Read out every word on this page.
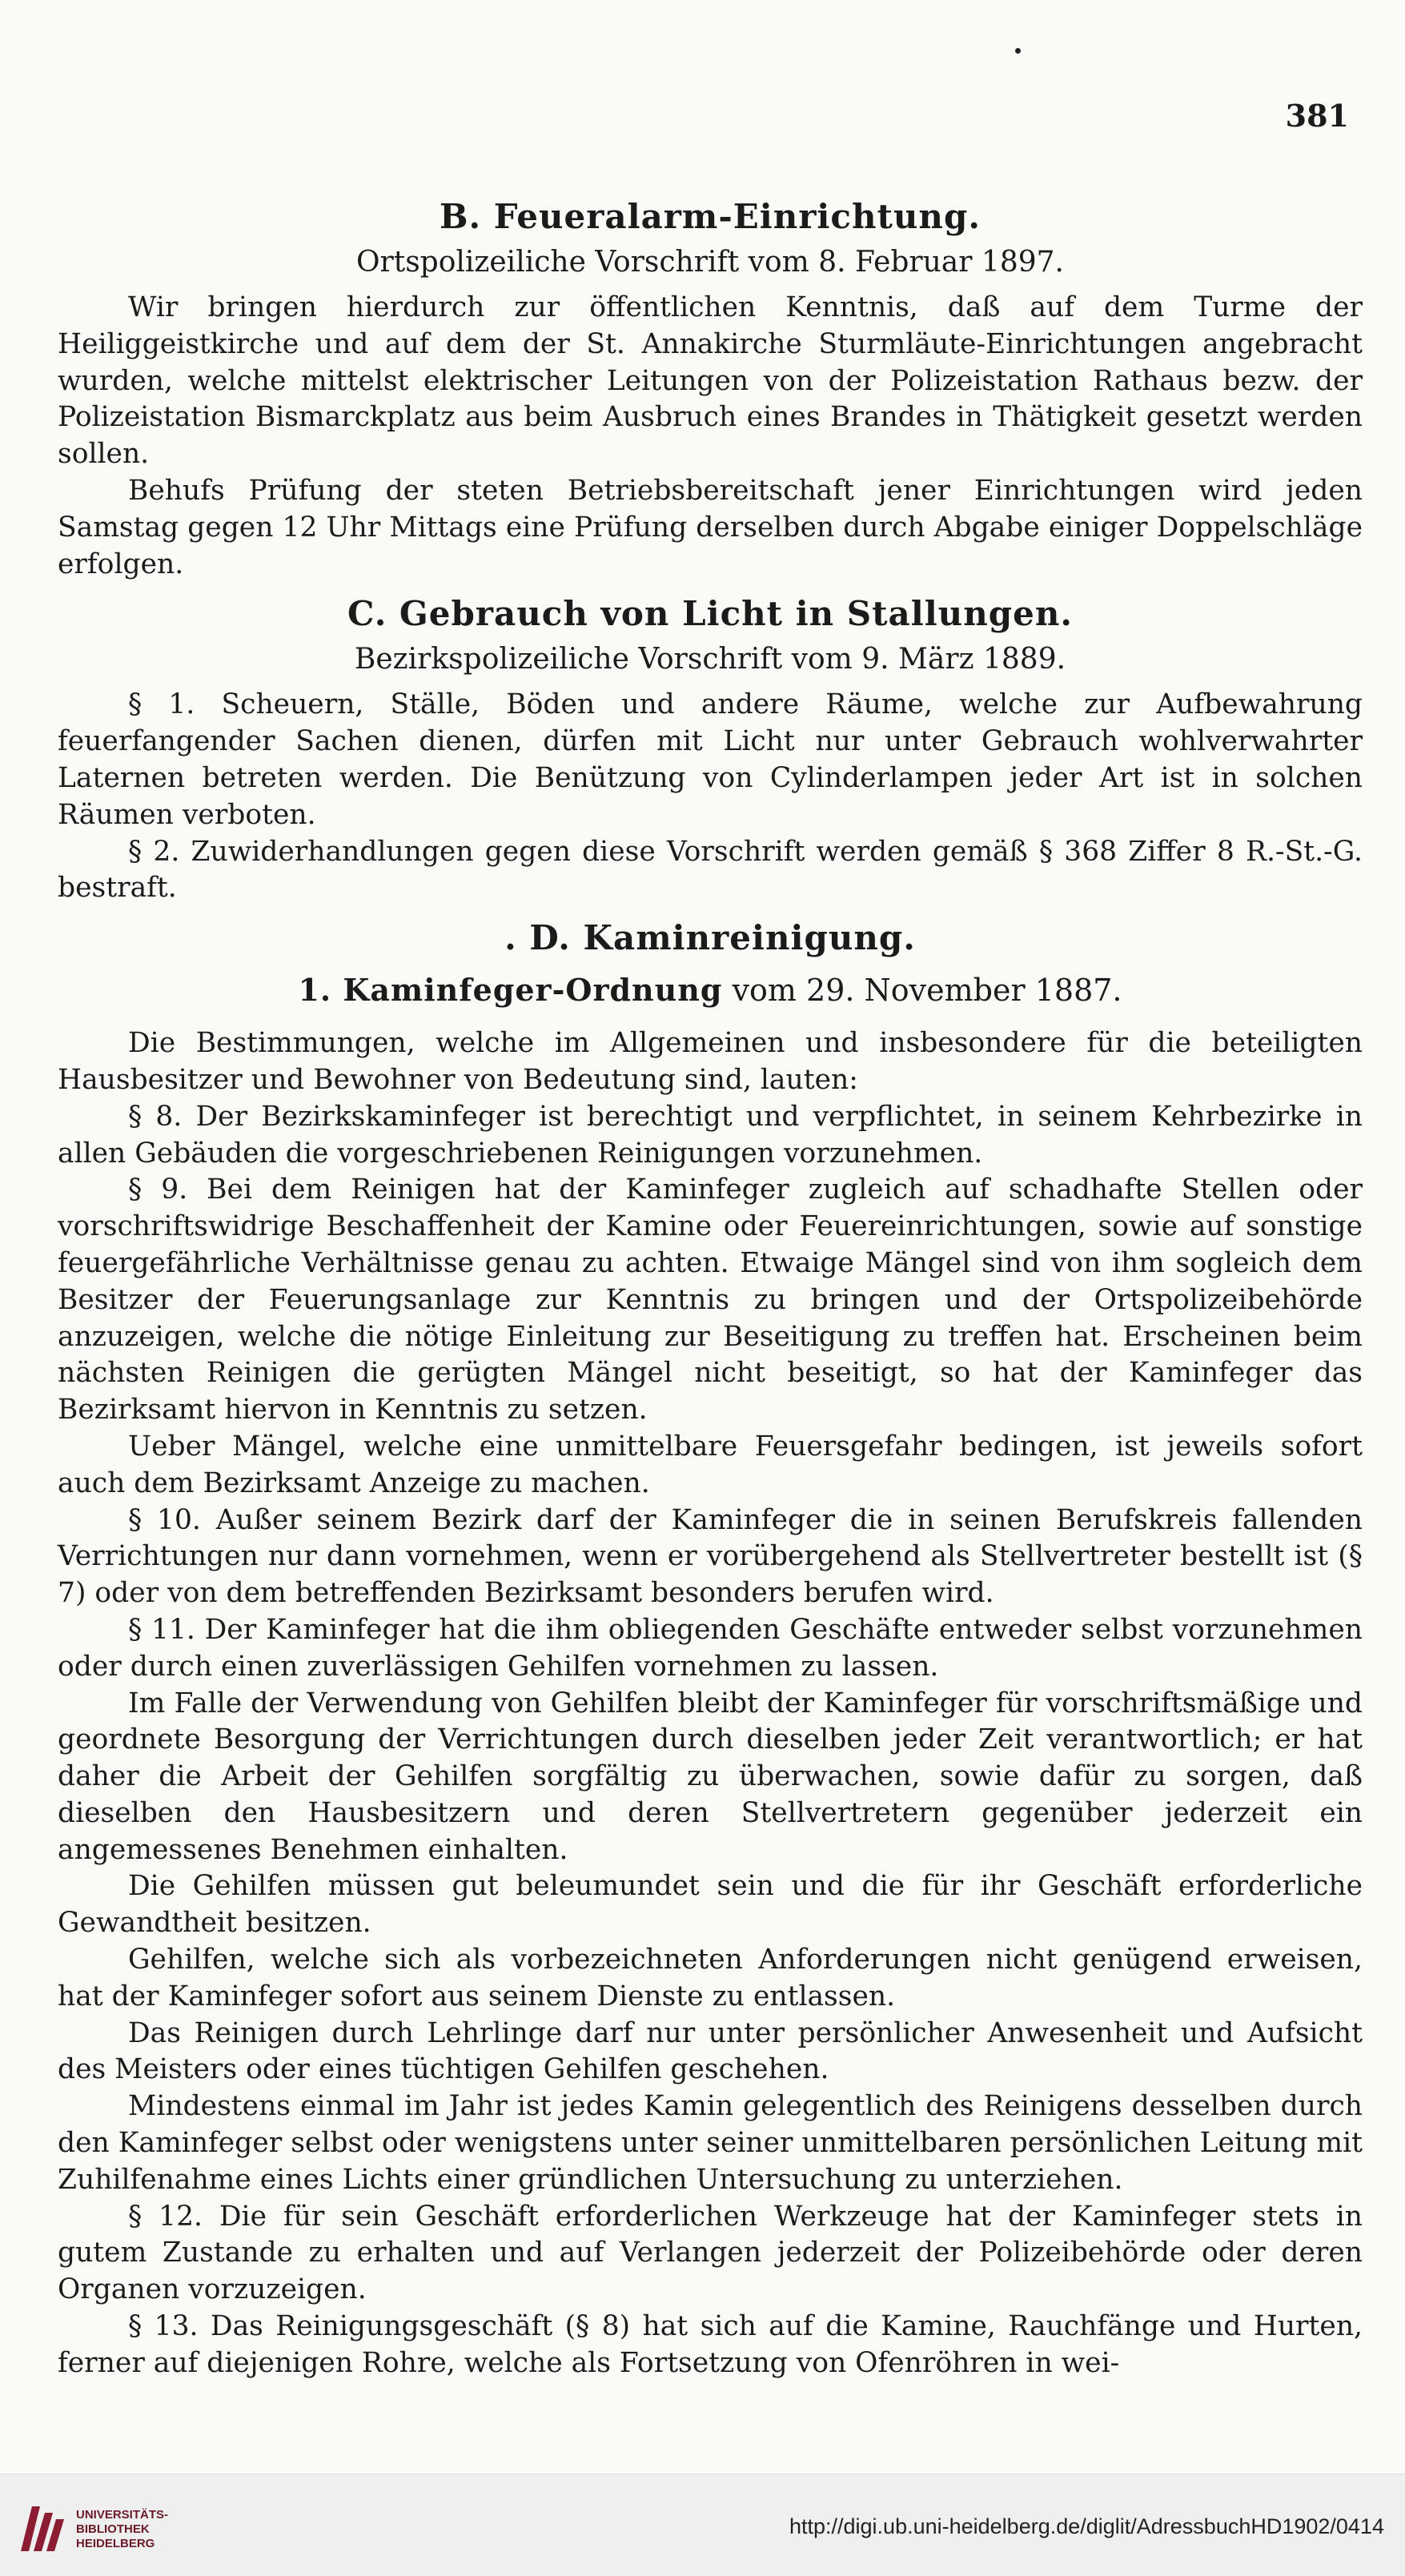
381
B. Feueralarm-Einrichtung.
Ortspolizeiliche Vorschrift vom 8. Februar 1897.

Wir bringen hierdurch zur öffentlichen Kenntnis, daß auf dem Turme der Heiliggeistkirche und auf dem der St. Annakirche Sturmläute-Einrichtungen angebracht wurden, welche mittelst elektrischer Leitungen von der Polizeistation Rathaus bezw. der Polizeistation Bismarckplatz aus beim Ausbruch eines Brandes in Thätigkeit gesetzt werden sollen.

Behufs Prüfung der steten Betriebsbereitschaft jener Einrichtungen wird jeden Samstag gegen 12 Uhr Mittags eine Prüfung derselben durch Abgabe einiger Doppelschläge erfolgen.

C. Gebrauch von Licht in Stallungen.
Bezirkspolizeiliche Vorschrift vom 9. März 1889.

§ 1. Scheuern, Ställe, Böden und andere Räume, welche zur Aufbewahrung feuerfangender Sachen dienen, dürfen mit Licht nur unter Gebrauch wohlverwahrter Laternen betreten werden. Die Benützung von Cylinderlampen jeder Art ist in solchen Räumen verboten.

§ 2. Zuwiderhandlungen gegen diese Vorschrift werden gemäß § 368 Ziffer 8 R.-St.-G. bestraft.

. D. Kaminreinigung.
1. Kaminfeger-Ordnung vom 29. November 1887.

Die Bestimmungen, welche im Allgemeinen und insbesondere für die beteiligten Hausbesitzer und Bewohner von Bedeutung sind, lauten:

§ 8. Der Bezirkskaminfeger ist berechtigt und verpflichtet, in seinem Kehrbezirke in allen Gebäuden die vorgeschriebenen Reinigungen vorzunehmen.

§ 9. Bei dem Reinigen hat der Kaminfeger zugleich auf schadhafte Stellen oder vorschriftswidrige Beschaffenheit der Kamine oder Feuereinrichtungen, sowie auf sonstige feuergefährliche Verhältnisse genau zu achten. Etwaige Mängel sind von ihm sogleich dem Besitzer der Feuerungsanlage zur Kenntnis zu bringen und der Ortspolizeibehörde anzuzeigen, welche die nötige Einleitung zur Beseitigung zu treffen hat. Erscheinen beim nächsten Reinigen die gerügten Mängel nicht beseitigt, so hat der Kaminfeger das Bezirksamt hiervon in Kenntnis zu setzen.

Ueber Mängel, welche eine unmittelbare Feuersgefahr bedingen, ist jeweils sofort auch dem Bezirksamt Anzeige zu machen.

§ 10. Außer seinem Bezirk darf der Kaminfeger die in seinen Berufskreis fallenden Verrichtungen nur dann vornehmen, wenn er vorübergehend als Stellvertreter bestellt ist (§ 7) oder von dem betreffenden Bezirksamt besonders berufen wird.

§ 11. Der Kaminfeger hat die ihm obliegenden Geschäfte entweder selbst vorzunehmen oder durch einen zuverlässigen Gehilfen vornehmen zu lassen.

Im Falle der Verwendung von Gehilfen bleibt der Kaminfeger für vorschriftsmäßige und geordnete Besorgung der Verrichtungen durch dieselben jeder Zeit verantwortlich; er hat daher die Arbeit der Gehilfen sorgfältig zu überwachen, sowie dafür zu sorgen, daß dieselben den Hausbesitzern und deren Stellvertretern gegenüber jederzeit ein angemessenes Benehmen einhalten.

Die Gehilfen müssen gut beleumundet sein und die für ihr Geschäft erforderliche Gewandtheit besitzen.

Gehilfen, welche sich als vorbezeichneten Anforderungen nicht genügend erweisen, hat der Kaminfeger sofort aus seinem Dienste zu entlassen.

Das Reinigen durch Lehrlinge darf nur unter persönlicher Anwesenheit und Aufsicht des Meisters oder eines tüchtigen Gehilfen geschehen.

Mindestens einmal im Jahr ist jedes Kamin gelegentlich des Reinigens desselben durch den Kaminfeger selbst oder wenigstens unter seiner unmittelbaren persönlichen Leitung mit Zuhilfenahme eines Lichts einer gründlichen Untersuchung zu unterziehen.

§ 12. Die für sein Geschäft erforderlichen Werkzeuge hat der Kaminfeger stets in gutem Zustande zu erhalten und auf Verlangen jederzeit der Polizeibehörde oder deren Organen vorzuzeigen.

§ 13. Das Reinigungsgeschäft (§ 8) hat sich auf die Kamine, Rauchfänge und Hurten, ferner auf diejenigen Rohre, welche als Fortsetzung von Ofenröhren in wei-

UNIVERSITÄTS-
BIBLIOTHEK
HEIDELBERG
http://digi.ub.uni-heidelberg.de/diglit/AdressbuchHD1902/0414
